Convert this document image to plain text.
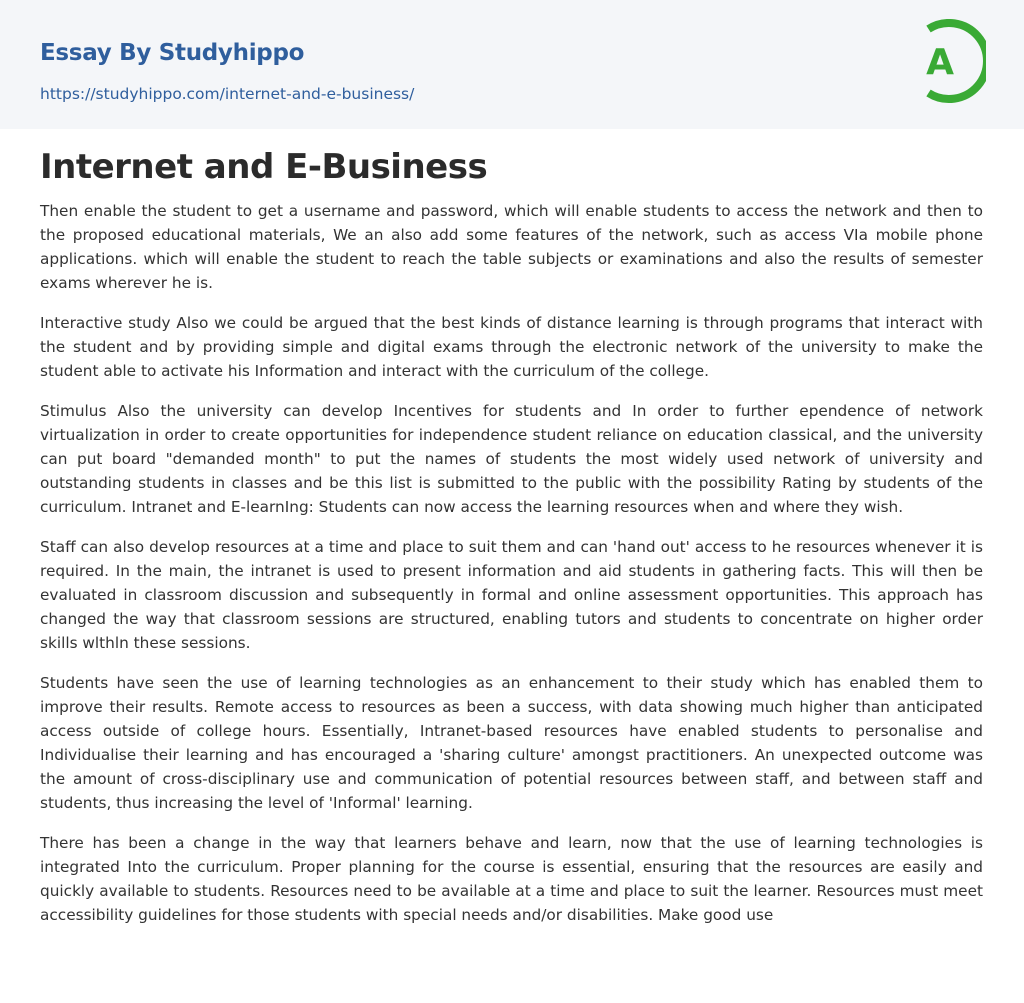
Essay By Studyhippo
https://studyhippo.com/internet-and-e-business/
A
Internet and E-Business

Then enable the student to get a username and password, which will enable students to access the network and then to the proposed educational materials, We an also add some features of the network, such as access VIa mobile phone applications. which will enable the student to reach the table subjects or examinations and also the results of semester exams wherever he is.

Interactive study Also we could be argued that the best kinds of distance learning is through programs that interact with the student and by providing simple and digital exams through the electronic network of the university to make the student able to activate his Information and interact with the curriculum of the college.

Stimulus Also the university can develop Incentives for students and In order to further ependence of network virtualization in order to create opportunities for independence student reliance on education classical, and the university can put board "demanded month" to put the names of students the most widely used network of university and outstanding students in classes and be this list is submitted to the public with the possibility Rating by students of the curriculum. Intranet and E-learnIng: Students can now access the learning resources when and where they wish.

Staff can also develop resources at a time and place to suit them and can 'hand out' access to he resources whenever it is required. In the main, the intranet is used to present information and aid students in gathering facts. This will then be evaluated in classroom discussion and subsequently in formal and online assessment opportunities. This approach has changed the way that classroom sessions are structured, enabling tutors and students to concentrate on higher order skills wlthln these sessions.

Students have seen the use of learning technologies as an enhancement to their study which has enabled them to improve their results. Remote access to resources as been a success, with data showing much higher than anticipated access outside of college hours. Essentially, Intranet-based resources have enabled students to personalise and Individualise their learning and has encouraged a 'sharing culture' amongst practitioners. An unexpected outcome was the amount of cross-disciplinary use and communication of potential resources between staff, and between staff and students, thus increasing the level of 'Informal' learning.

There has been a change in the way that learners behave and learn, now that the use of learning technologies is integrated Into the curriculum. Proper planning for the course is essential, ensuring that the resources are easily and quickly available to students. Resources need to be available at a time and place to suit the learner. Resources must meet accessibility guidelines for those students with special needs and/or disabilities. Make good use
